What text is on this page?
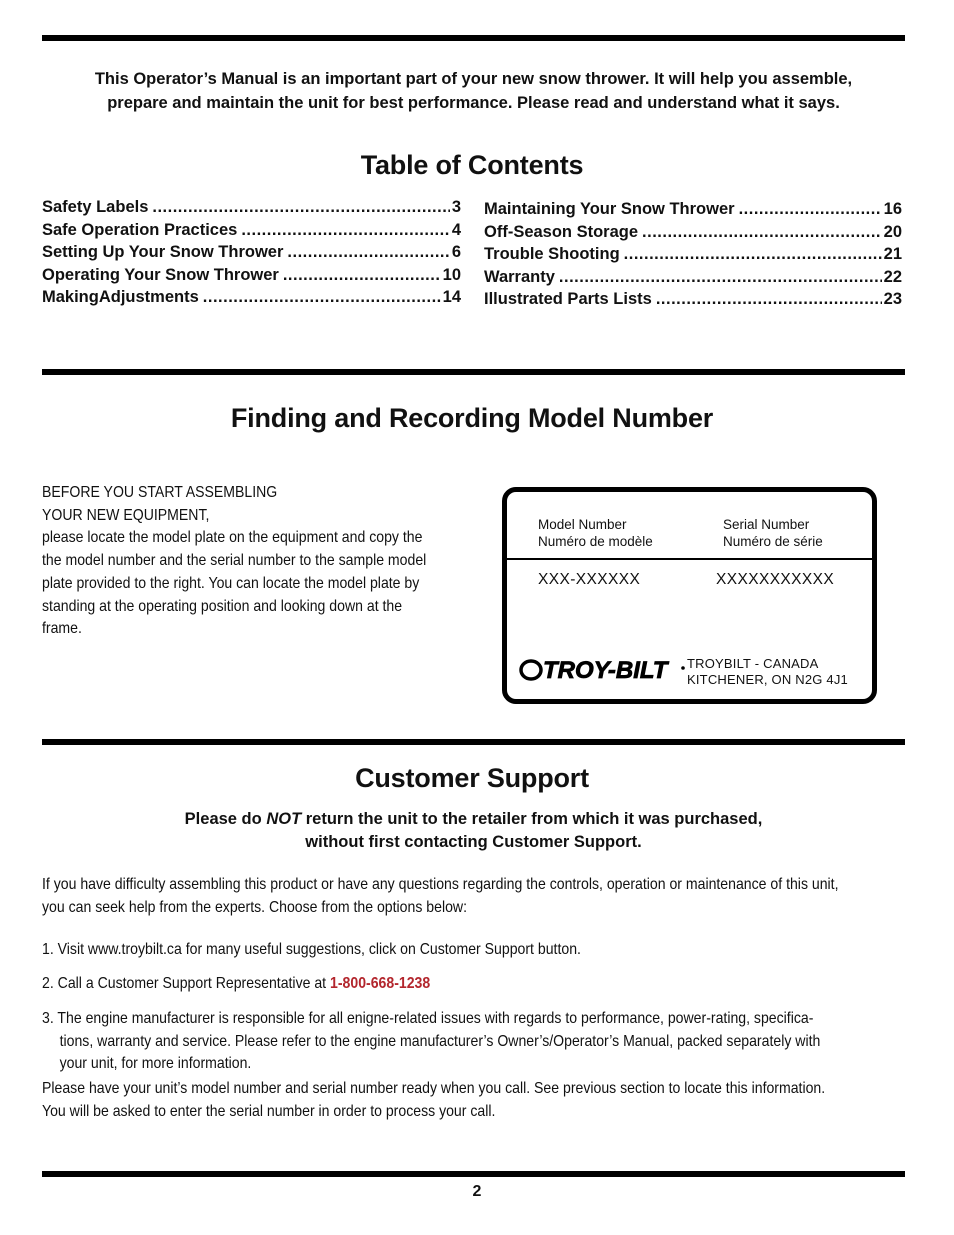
This Operator’s Manual is an important part of your new snow thrower. It will help you assemble,
prepare and maintain the unit for best performance. Please read and understand what it says.
Table of Contents
Safety Labels .....	3
Safe Operation Practices .....	4
Setting Up Your Snow Thrower .....	6
Operating Your Snow Thrower .....	10
MakingAdjustments .....	14
Maintaining Your Snow Thrower .....	16
Off-Season Storage .....	20
Trouble Shooting .....	21
Warranty .....	22
Illustrated Parts Lists .....	23
Finding and Recording Model Number
BEFORE YOU START ASSEMBLING
YOUR NEW EQUIPMENT,
please locate the model plate on the equipment and copy the
the model number and the serial number to the sample model
plate provided to the right. You can locate the model plate by
standing at the operating position and looking down at the
frame.
Model Number
Numéro de modèle
Serial Number
Numéro de série
XXX-XXXXXX	XXXXXXXXXXX
TROY-BILT TROYBILT - CANADA
KITCHENER, ON N2G 4J1
Customer Support
Please do NOT return the unit to the retailer from which it was purchased,
without first contacting Customer Support.
If you have difficulty assembling this product or have any questions regarding the controls, operation or maintenance of this unit,
you can seek help from the experts. Choose from the options below:
1. Visit www.troybilt.ca for many useful suggestions, click on Customer Support button.
2. Call a Customer Support Representative at 1-800-668-1238
3. The engine manufacturer is responsible for all enigne-related issues with regards to performance, power-rating, specifica-
tions, warranty and service. Please refer to the engine manufacturer’s Owner’s/Operator’s Manual, packed separately with
your unit, for more information.
Please have your unit’s model number and serial number ready when you call. See previous section to locate this information.
You will be asked to enter the serial number in order to process your call.
2
